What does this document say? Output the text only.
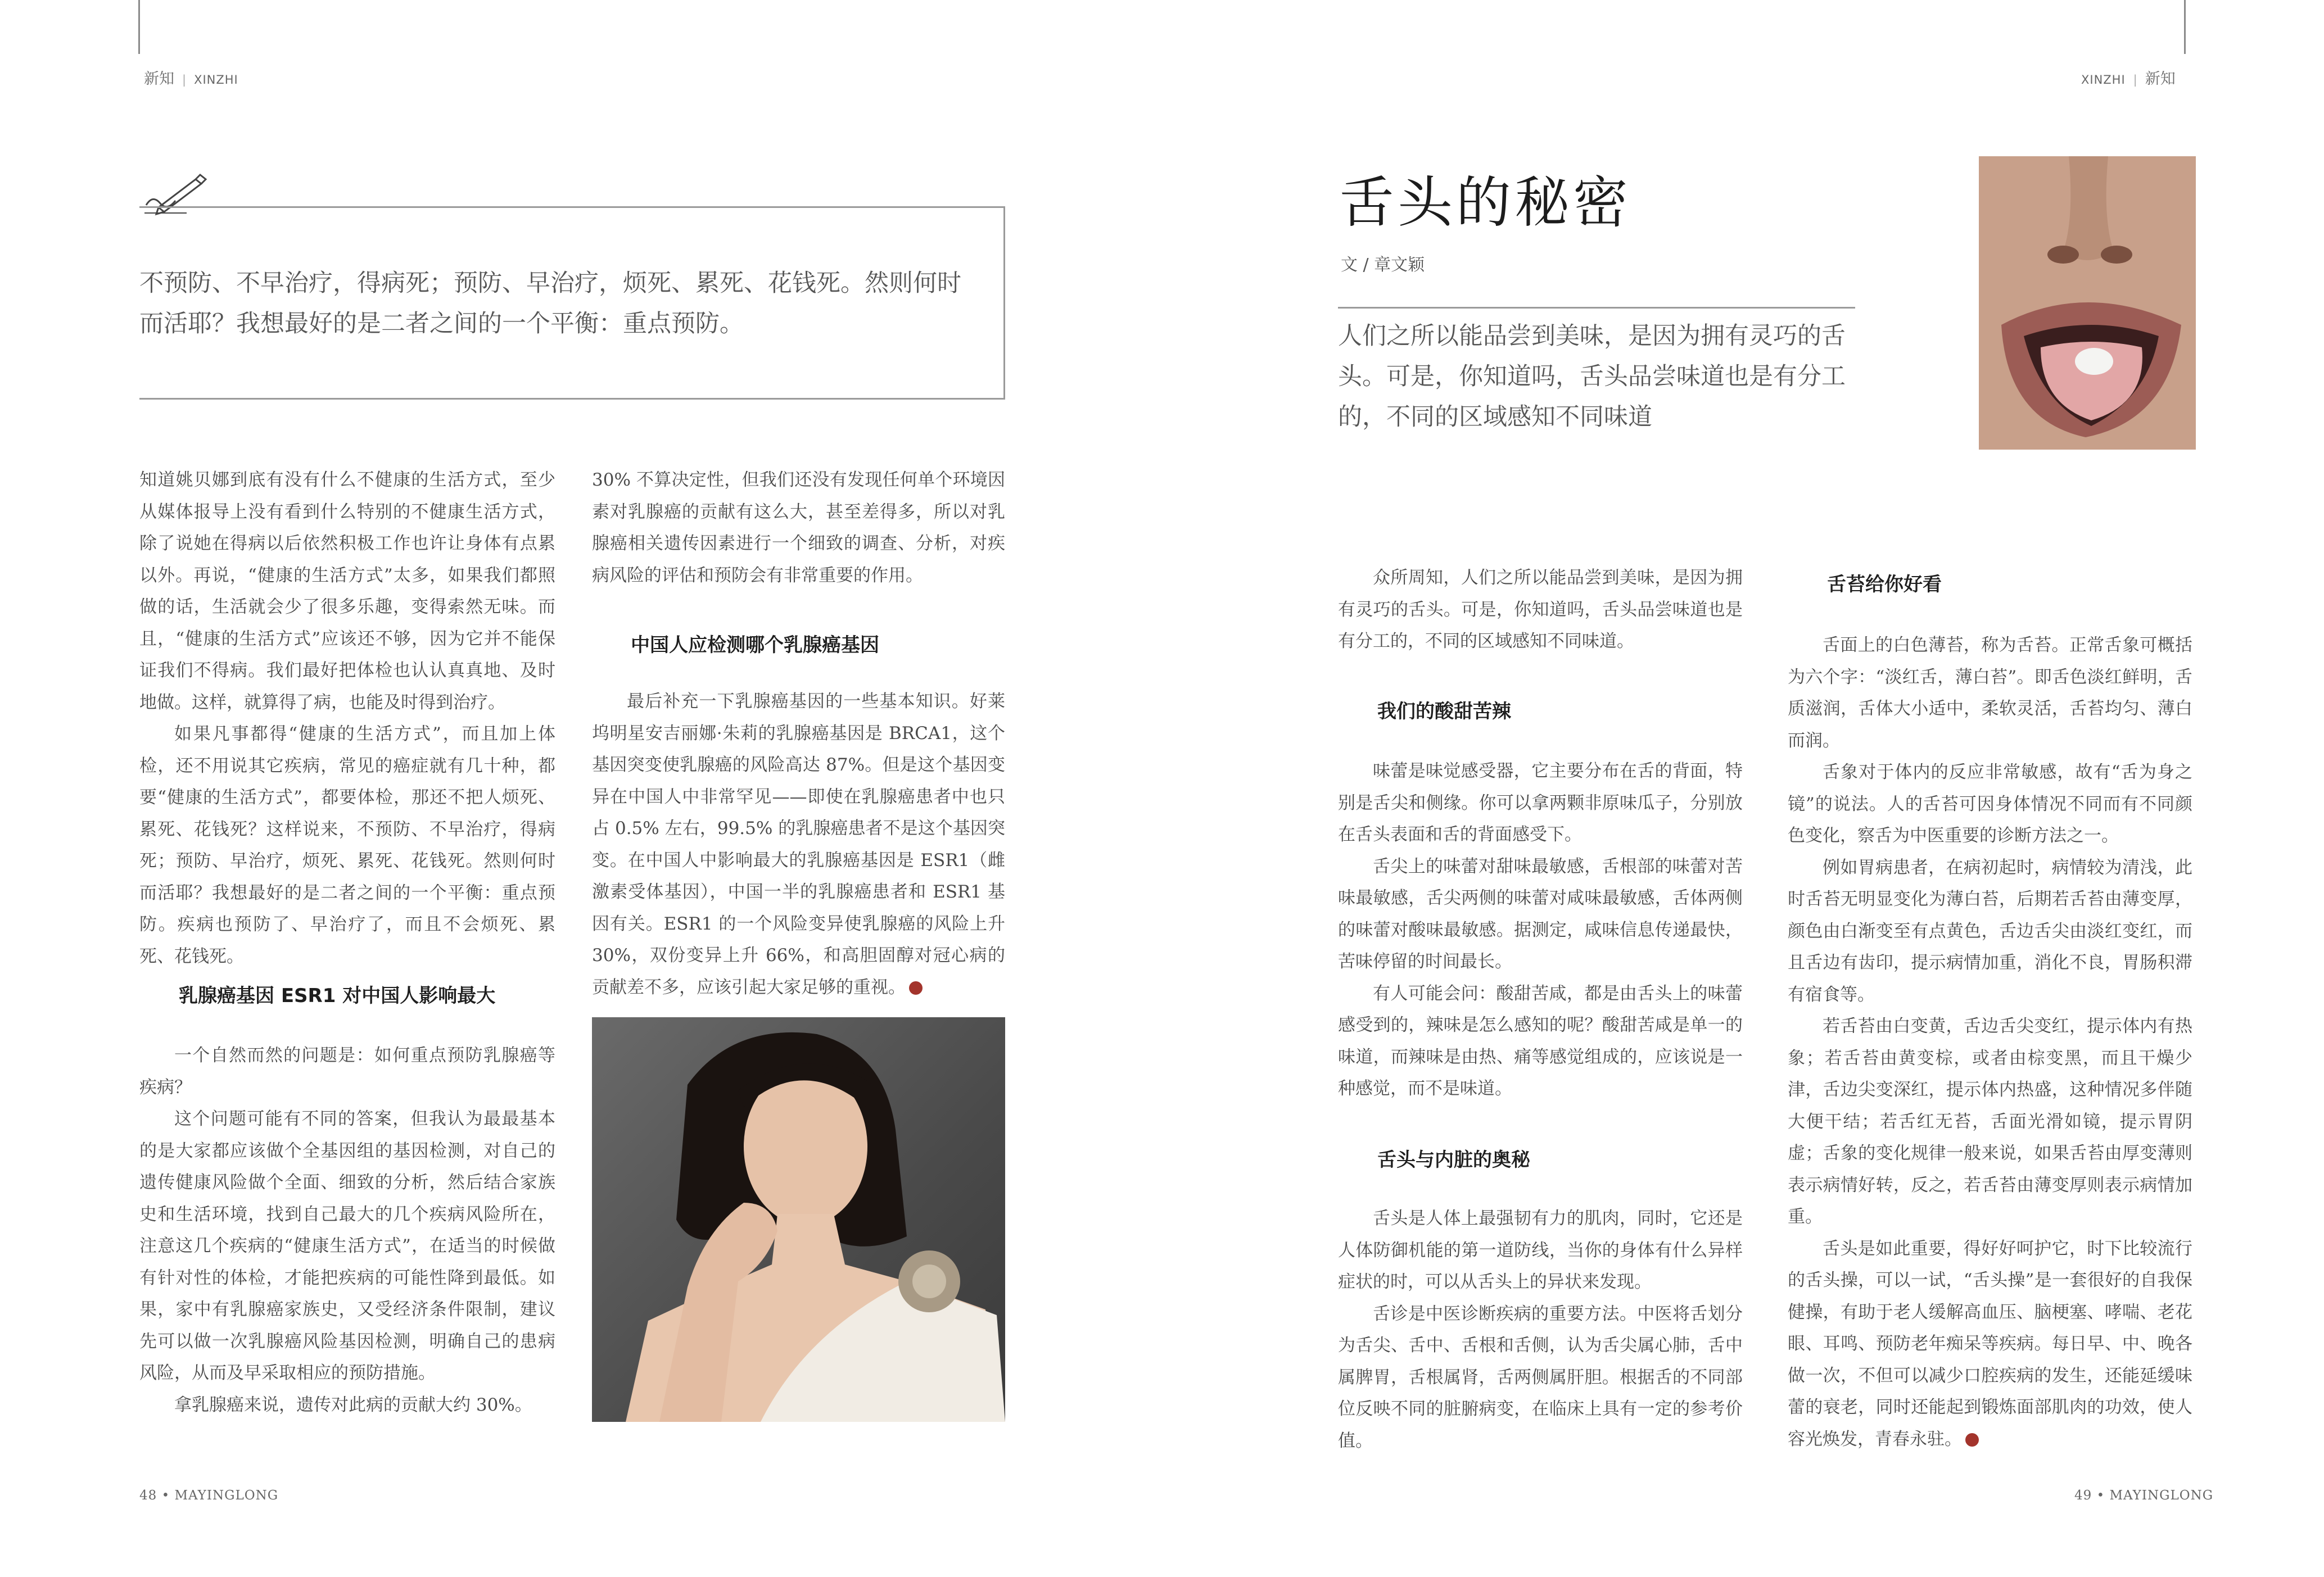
新知 | XINZHI	XINZHI | 新知
不预防、不早治疗，得病死；预防、早治疗，烦死、累死、花钱死。然则何时而活耶？我想最好的是二者之间的一个平衡：重点预防。

知道姚贝娜到底有没有什么不健康的生活方式，至少从媒体报导上没有看到什么特别的不健康生活方式，除了说她在得病以后依然积极工作也许让身体有点累以外。再说，“健康的生活方式”太多，如果我们都照做的话，生活就会少了很多乐趣，变得索然无味。而且，“健康的生活方式”应该还不够，因为它并不能保证我们不得病。我们最好把体检也认认真真地、及时地做。这样，就算得了病，也能及时得到治疗。

如果凡事都得“健康的生活方式”，而且加上体检，还不用说其它疾病，常见的癌症就有几十种，都要“健康的生活方式”，都要体检，那还不把人烦死、累死、花钱死？这样说来，不预防、不早治疗，得病死；预防、早治疗，烦死、累死、花钱死。然则何时而活耶？我想最好的是二者之间的一个平衡：重点预防。疾病也预防了、早治疗了，而且不会烦死、累死、花钱死。

乳腺癌基因 ESR1 对中国人影响最大

一个自然而然的问题是：如何重点预防乳腺癌等疾病？

这个问题可能有不同的答案，但我认为最最基本的是大家都应该做个全基因组的基因检测，对自己的遗传健康风险做个全面、细致的分析，然后结合家族史和生活环境，找到自己最大的几个疾病风险所在，注意这几个疾病的“健康生活方式”，在适当的时候做有针对性的体检，才能把疾病的可能性降到最低。如果，家中有乳腺癌家族史，又受经济条件限制，建议先可以做一次乳腺癌风险基因检测，明确自己的患病风险，从而及早采取相应的预防措施。

拿乳腺癌来说，遗传对此病的贡献大约 30%。

30% 不算决定性，但我们还没有发现任何单个环境因素对乳腺癌的贡献有这么大，甚至差得多，所以对乳腺癌相关遗传因素进行一个细致的调查、分析，对疾病风险的评估和预防会有非常重要的作用。

中国人应检测哪个乳腺癌基因

最后补充一下乳腺癌基因的一些基本知识。好莱坞明星安吉丽娜·朱莉的乳腺癌基因是 BRCA1，这个基因突变使乳腺癌的风险高达 87%。但是这个基因变异在中国人中非常罕见——即使在乳腺癌患者中也只占 0.5% 左右，99.5% 的乳腺癌患者不是这个基因突变。在中国人中影响最大的乳腺癌基因是 ESR1（雌激素受体基因），中国一半的乳腺癌患者和 ESR1 基因有关。ESR1 的一个风险变异使乳腺癌的风险上升 30%，双份变异上升 66%，和高胆固醇对冠心病的贡献差不多，应该引起大家足够的重视。

舌头的秘密
文 / 章文颖
人们之所以能品尝到美味，是因为拥有灵巧的舌头。可是，你知道吗，舌头品尝味道也是有分工的，不同的区域感知不同味道

众所周知，人们之所以能品尝到美味，是因为拥有灵巧的舌头。可是，你知道吗，舌头品尝味道也是有分工的，不同的区域感知不同味道。

我们的酸甜苦辣

味蕾是味觉感受器，它主要分布在舌的背面，特别是舌尖和侧缘。你可以拿两颗非原味瓜子，分别放在舌头表面和舌的背面感受下。

舌尖上的味蕾对甜味最敏感，舌根部的味蕾对苦味最敏感，舌尖两侧的味蕾对咸味最敏感，舌体两侧的味蕾对酸味最敏感。据测定，咸味信息传递最快，苦味停留的时间最长。

有人可能会问：酸甜苦咸，都是由舌头上的味蕾感受到的，辣味是怎么感知的呢？酸甜苦咸是单一的味道，而辣味是由热、痛等感觉组成的，应该说是一种感觉，而不是味道。

舌头与内脏的奥秘

舌头是人体上最强韧有力的肌肉，同时，它还是人体防御机能的第一道防线，当你的身体有什么异样症状的时，可以从舌头上的异状来发现。

舌诊是中医诊断疾病的重要方法。中医将舌划分为舌尖、舌中、舌根和舌侧，认为舌尖属心肺，舌中属脾胃，舌根属肾，舌两侧属肝胆。根据舌的不同部位反映不同的脏腑病变，在临床上具有一定的参考价值。

舌苔给你好看

舌面上的白色薄苔，称为舌苔。正常舌象可概括为六个字：“淡红舌，薄白苔”。即舌色淡红鲜明，舌质滋润，舌体大小适中，柔软灵活，舌苔均匀、薄白而润。

舌象对于体内的反应非常敏感，故有“舌为身之镜”的说法。人的舌苔可因身体情况不同而有不同颜色变化，察舌为中医重要的诊断方法之一。

例如胃病患者，在病初起时，病情较为清浅，此时舌苔无明显变化为薄白苔，后期若舌苔由薄变厚，颜色由白渐变至有点黄色，舌边舌尖由淡红变红，而且舌边有齿印，提示病情加重，消化不良，胃肠积滞有宿食等。

若舌苔由白变黄，舌边舌尖变红，提示体内有热象；若舌苔由黄变棕，或者由棕变黑，而且干燥少津，舌边尖变深红，提示体内热盛，这种情况多伴随大便干结；若舌红无苔，舌面光滑如镜，提示胃阴虚；舌象的变化规律一般来说，如果舌苔由厚变薄则表示病情好转，反之，若舌苔由薄变厚则表示病情加重。

舌头是如此重要，得好好呵护它，时下比较流行的舌头操，可以一试，“舌头操”是一套很好的自我保健操，有助于老人缓解高血压、脑梗塞、哮喘、老花眼、耳鸣、预防老年痴呆等疾病。每日早、中、晚各做一次，不但可以减少口腔疾病的发生，还能延缓味蕾的衰老，同时还能起到锻炼面部肌肉的功效，使人容光焕发，青春永驻。

48 • MAYINGLONG	49 • MAYINGLONG
